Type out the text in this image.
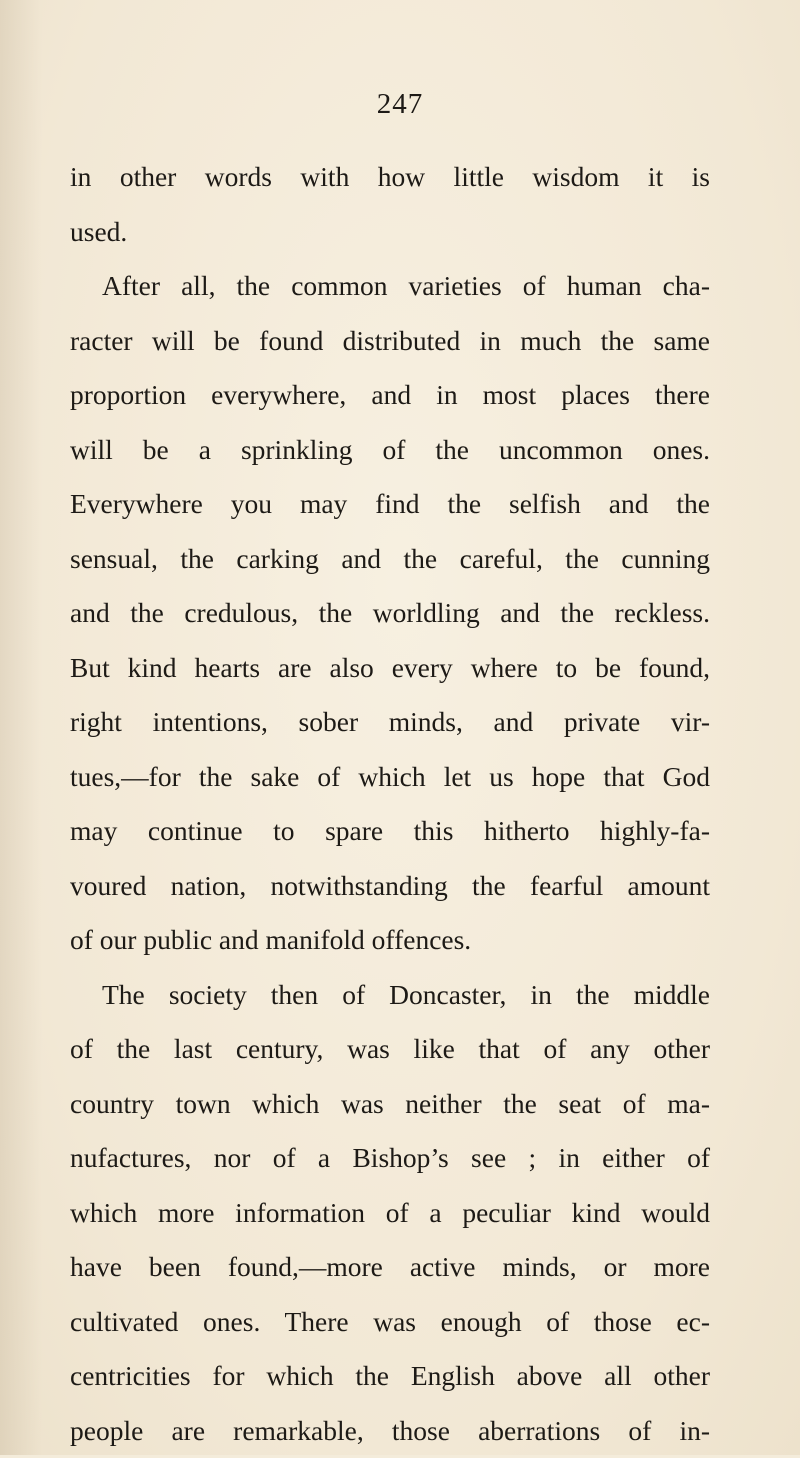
247
in other words with how little wisdom it is
used.
After all, the common varieties of human cha-
racter will be found distributed in much the same
proportion everywhere, and in most places there
will be a sprinkling of the uncommon ones.
Everywhere you may find the selfish and the
sensual, the carking and the careful, the cunning
and the credulous, the worldling and the reckless.
But kind hearts are also every where to be found,
right intentions, sober minds, and private vir-
tues,—for the sake of which let us hope that God
may continue to spare this hitherto highly-fa-
voured nation, notwithstanding the fearful amount
of our public and manifold offences.
The society then of Doncaster, in the middle
of the last century, was like that of any other
country town which was neither the seat of ma-
nufactures, nor of a Bishop’s see ; in either of
which more information of a peculiar kind would
have been found,—more active minds, or more
cultivated ones. There was enough of those ec-
centricities for which the English above all other
people are remarkable, those aberrations of in-
